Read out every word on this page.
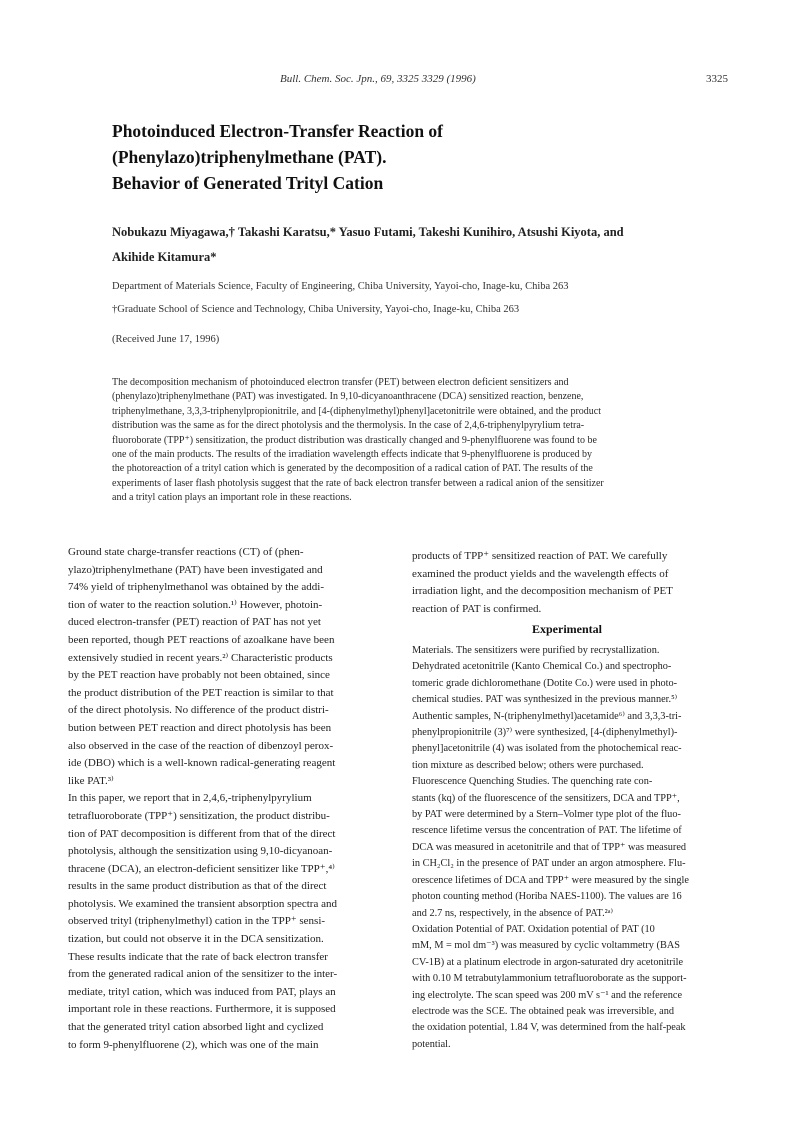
Bull. Chem. Soc. Jpn., 69, 3325 3329 (1996)	3325
Photoinduced Electron-Transfer Reaction of
(Phenylazo)triphenylmethane (PAT).
Behavior of Generated Trityl Cation
Nobukazu Miyagawa,† Takashi Karatsu,* Yasuo Futami, Takeshi Kunihiro, Atsushi Kiyota, and
Akihide Kitamura*
Department of Materials Science, Faculty of Engineering, Chiba University, Yayoi-cho, Inage-ku, Chiba 263
†Graduate School of Science and Technology, Chiba University, Yayoi-cho, Inage-ku, Chiba 263
(Received June 17, 1996)
The decomposition mechanism of photoinduced electron transfer (PET) between electron deficient sensitizers and
(phenylazo)triphenylmethane (PAT) was investigated. In 9,10-dicyanoanthracene (DCA) sensitized reaction, benzene,
triphenylmethane, 3,3,3-triphenylpropionitrile, and [4-(diphenylmethyl)phenyl]acetonitrile were obtained, and the product
distribution was the same as for the direct photolysis and the thermolysis. In the case of 2,4,6-triphenylpyrylium tetra-
fluoroborate (TPP⁺) sensitization, the product distribution was drastically changed and 9-phenylfluorene was found to be
one of the main products. The results of the irradiation wavelength effects indicate that 9-phenylfluorene is produced by
the photoreaction of a trityl cation which is generated by the decomposition of a radical cation of PAT. The results of the
experiments of laser flash photolysis suggest that the rate of back electron transfer between a radical anion of the sensitizer
and a trityl cation plays an important role in these reactions.
Ground state charge-transfer reactions (CT) of (phen-
ylazo)triphenylmethane (PAT) have been investigated and
74% yield of triphenylmethanol was obtained by the addi-
tion of water to the reaction solution.¹⁾ However, photoin-
duced electron-transfer (PET) reaction of PAT has not yet
been reported, though PET reactions of azoalkane have been
extensively studied in recent years.²⁾ Characteristic products
by the PET reaction have probably not been obtained, since
the product distribution of the PET reaction is similar to that
of the direct photolysis. No difference of the product distri-
bution between PET reaction and direct photolysis has been
also observed in the case of the reaction of dibenzoyl perox-
ide (DBO) which is a well-known radical-generating reagent
like PAT.³⁾
In this paper, we report that in 2,4,6,-triphenylpyrylium
tetrafluoroborate (TPP⁺) sensitization, the product distribu-
tion of PAT decomposition is different from that of the direct
photolysis, although the sensitization using 9,10-dicyanoan-
thracene (DCA), an electron-deficient sensitizer like TPP⁺,⁴⁾
results in the same product distribution as that of the direct
photolysis. We examined the transient absorption spectra and
observed trityl (triphenylmethyl) cation in the TPP⁺ sensi-
tization, but could not observe it in the DCA sensitization.
These results indicate that the rate of back electron transfer
from the generated radical anion of the sensitizer to the inter-
mediate, trityl cation, which was induced from PAT, plays an
important role in these reactions. Furthermore, it is supposed
that the generated trityl cation absorbed light and cyclized
to form 9-phenylfluorene (2), which was one of the main
products of TPP⁺ sensitized reaction of PAT. We carefully
examined the product yields and the wavelength effects of
irradiation light, and the decomposition mechanism of PET
reaction of PAT is confirmed.
Experimental
Materials. The sensitizers were purified by recrystallization.
Dehydrated acetonitrile (Kanto Chemical Co.) and spectropho-
tomeric grade dichloromethane (Dotite Co.) were used in photo-
chemical studies. PAT was synthesized in the previous manner.⁵⁾
Authentic samples, N-(triphenylmethyl)acetamide⁶⁾ and 3,3,3-tri-
phenylpropionitrile (3)⁷⁾ were synthesized, [4-(diphenylmethyl)-
phenyl]acetonitrile (4) was isolated from the photochemical reac-
tion mixture as described below; others were purchased.
Fluorescence Quenching Studies. The quenching rate con-
stants (kq) of the fluorescence of the sensitizers, DCA and TPP⁺,
by PAT were determined by a Stern–Volmer type plot of the fluo-
rescence lifetime versus the concentration of PAT. The lifetime of
DCA was measured in acetonitrile and that of TPP⁺ was measured
in CH₂Cl₂ in the presence of PAT under an argon atmosphere. Flu-
orescence lifetimes of DCA and TPP⁺ were measured by the single
photon counting method (Horiba NAES-1100). The values are 16
and 2.7 ns, respectively, in the absence of PAT.²ᵃ⁾
Oxidation Potential of PAT. Oxidation potential of PAT (10
mM, M = mol dm⁻³) was measured by cyclic voltammetry (BAS
CV-1B) at a platinum electrode in argon-saturated dry acetonitrile
with 0.10 M tetrabutylammonium tetrafluoroborate as the support-
ing electrolyte. The scan speed was 200 mV s⁻¹ and the reference
electrode was the SCE. The obtained peak was irreversible, and
the oxidation potential, 1.84 V, was determined from the half-peak
potential.
